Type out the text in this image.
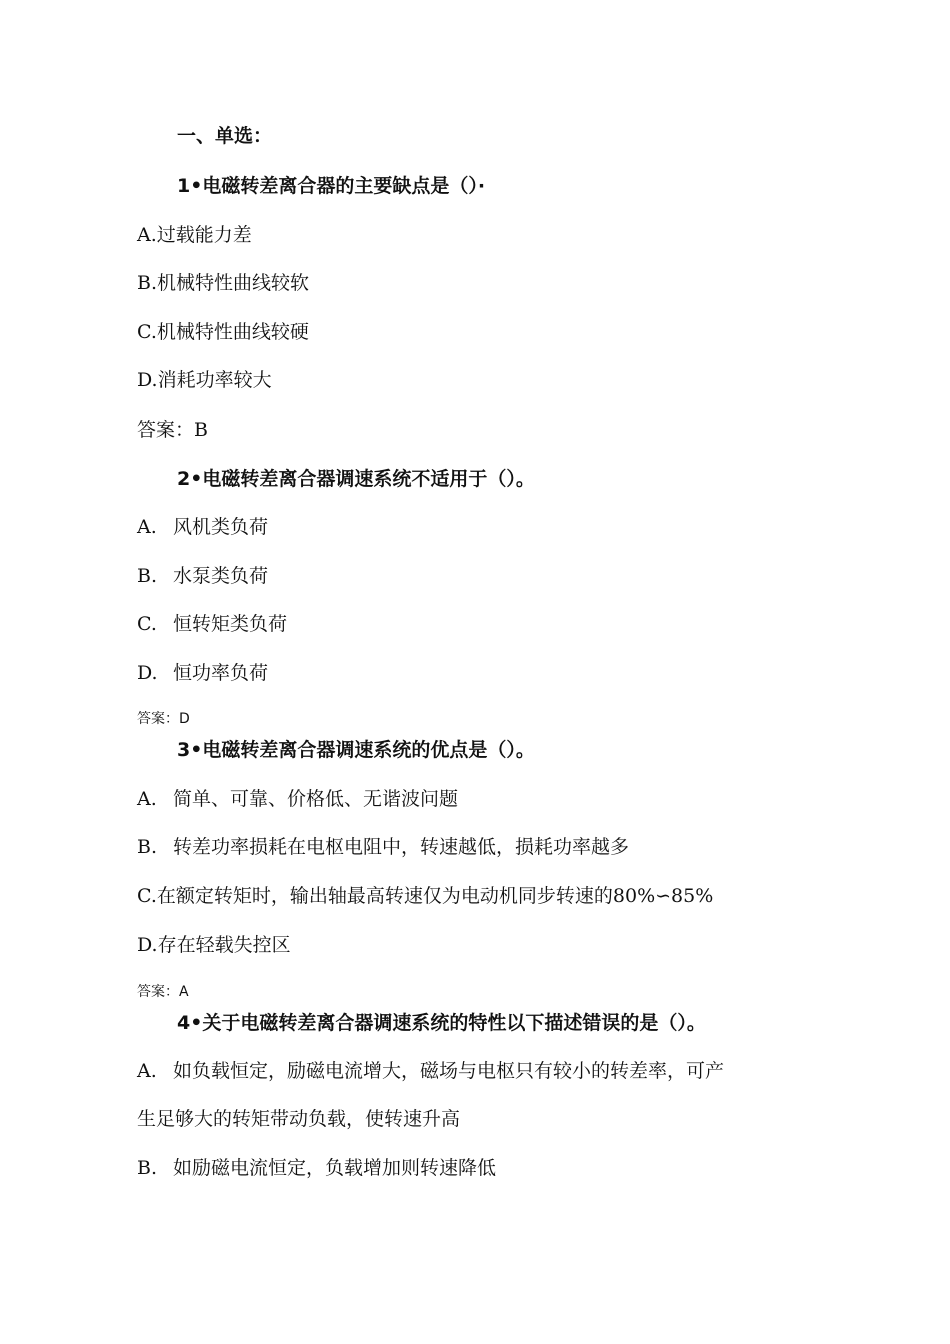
一、单选：
1•电磁转差离合器的主要缺点是（）·
A.过载能力差
B.机械特性曲线较软
C.机械特性曲线较硬
D.消耗功率较大
答案：B
2•电磁转差离合器调速系统不适用于（）。
A. 风机类负荷
B. 水泵类负荷
C. 恒转矩类负荷
D. 恒功率负荷
答案：D
3•电磁转差离合器调速系统的优点是（）。
A. 简单、可靠、价格低、无谐波问题
B. 转差功率损耗在电枢电阻中，转速越低，损耗功率越多
C.在额定转矩时，输出轴最高转速仅为电动机同步转速的80%∽85%
D.存在轻载失控区
答案：A
4•关于电磁转差离合器调速系统的特性以下描述错误的是（）。
A. 如负载恒定，励磁电流增大，磁场与电枢只有较小的转差率，可产
生足够大的转矩带动负载，使转速升高
B. 如励磁电流恒定，负载增加则转速降低
